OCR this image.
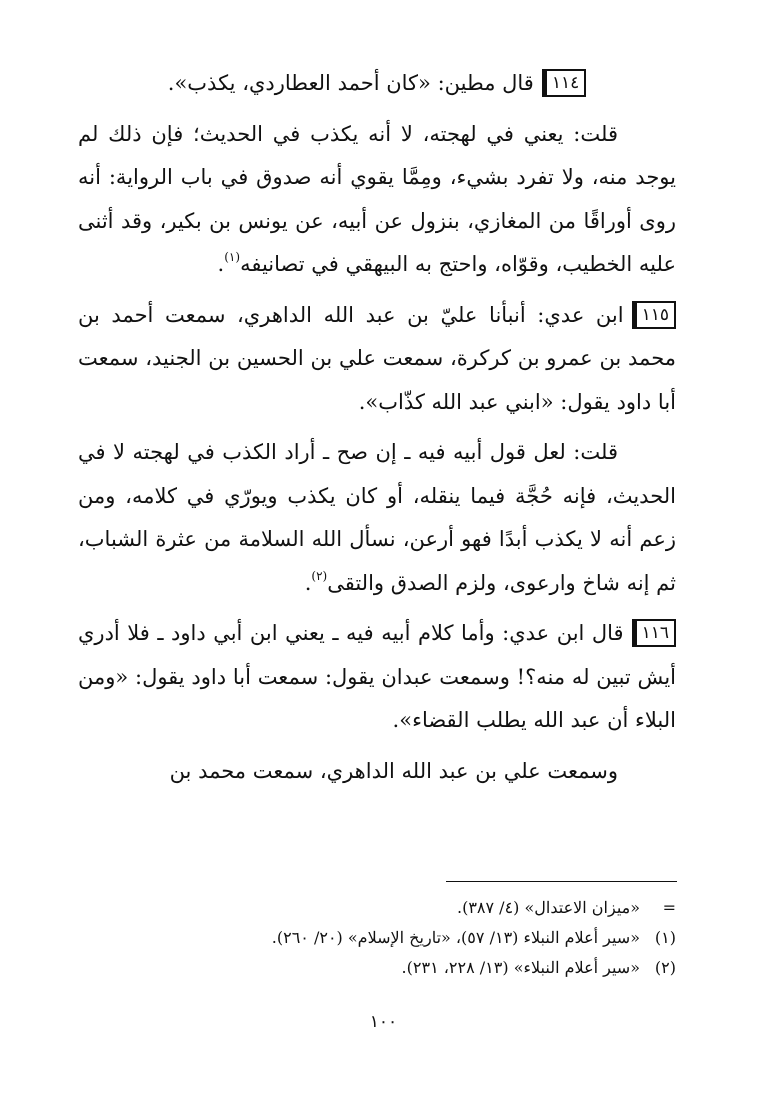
١١٤قال مطين: «كان أحمد العطاردي، يكذب».

قلت: يعني في لهجته، لا أنه يكذب في الحديث؛ فإن ذلك لم يوجد منه، ولا تفرد بشيء، ومِمَّا يقوي أنه صدوق في باب الرواية: أنه روى أوراقًا من المغازي، بنزول عن أبيه، عن يونس بن بكير، وقد أثنى عليه الخطيب، وقوّاه، واحتج به البيهقي في تصانيفه$^{(١)}$.

١١٥ابن عدي: أنبأنا عليّ بن عبد الله الداهري، سمعت أحمد بن محمد بن عمرو بن كركرة، سمعت علي بن الحسين بن الجنيد، سمعت أبا داود يقول: «ابني عبد الله كذّاب».

قلت: لعل قول أبيه فيه ـ إن صح ـ أراد الكذب في لهجته لا في الحديث، فإنه حُجَّة فيما ينقله، أو كان يكذب ويورّي في كلامه، ومن زعم أنه لا يكذب أبدًا فهو أرعن، نسأل الله السلامة من عثرة الشباب، ثم إنه شاخ وارعوى، ولزم الصدق والتقى$^{(٢)}$.

١١٦قال ابن عدي: وأما كلام أبيه فيه ـ يعني ابن أبي داود ـ فلا أدري أيش تبين له منه؟! وسمعت عبدان يقول: سمعت أبا داود يقول: «ومن البلاء أن عبد الله يطلب القضاء».

وسمعت علي بن عبد الله الداهري، سمعت محمد بن

=
«ميزان الاعتدال» (٤/ ٣٨٧).
(١)
«سير أعلام النبلاء (١٣/ ٥٧)، «تاريخ الإسلام» (٢٠/ ٢٦٠).
(٢)
«سير أعلام النبلاء» (١٣/ ٢٢٨، ٢٣١).
١٠٠
